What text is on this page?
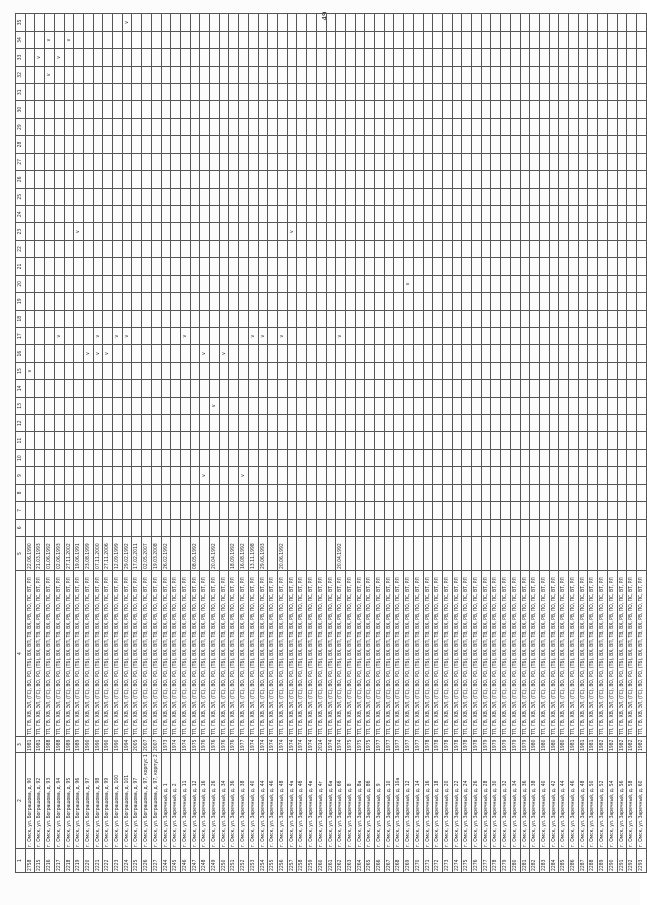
49
1	2	3	4	5	6	7	8	9	10	11	12	13	14	15	16	17	18	19	20	21	22	23	24	25	26	27	28	29	30	31	32	33	34	35
2758	г. Омск, ул. Бограшова, д. 90	1981	ТП, ГВ, ХВ, ЭЛ, (ГС), ВО, РО, (ТБ), ВХ, ВП, ТВ, ВХ, РВ, ПО, ПС, ВТ, РЛ	22.06.1990										v																				
2215	г. Омск, ул. Бограшова, д. 92	1981	ТП, ГВ, ХВ, ЭЛ, (ГС), ВО, РО, (ТБ), ВХ, ВП, ТВ, ВХ, РВ, ПО, ПС, ВТ, РЛ	21.03.1993																												v		
2216	г. Омск, ул. Бограшова, д. 93	1988	ТП, ГВ, ХВ, ЭЛ, (ГС), ВО, РО, (ТБ), ВХ, ВП, ТВ, ВХ, РВ, ПО, ПС, ВТ, РЛ	01.06.1992																											v		v	
2217	г. Омск, ул. Бограшова, д. 94	1988	ТП, ГВ, ХВ, ЭЛ, (ГС), ВО, РО, (ТБ), ВХ, ВП, ТВ, ВХ, РВ, ПО, ПС, ВТ, РЛ	02.06.1993												v																v		
2218	г. Омск, ул. Бограшова, д. 95	1989	ТП, ГВ, ХВ, ЭЛ, (ГС), ВО, РО, (ТБ), ВХ, ВП, ТВ, ВХ, РВ, ПО, ПС, ВТ, РЛ	27.11.2002																													v	
2219	г. Омск, ул. Бограшова, д. 96	1989	ТП, ГВ, ХВ, ЭЛ, (ГС), ВО, РО, (ТБ), ВХ, ВП, ТВ, ВХ, РВ, ПО, ПС, ВТ, РЛ	19.06.1991																		v												
2220	г. Омск, ул. Бограшова, д. 97	1990	ТП, ГВ, ХВ, ЭЛ, (ГС), ВО, РО, (ТБ), ВХ, ВП, ТВ, ВХ, РВ, ПО, ПС, ВТ, РЛ	23.08.1999											v																			
2221	г. Омск, ул. Бограшова, д. 98	1990	ТП, ГВ, ХВ, ЭЛ, (ГС), ВО, РО, (ТБ), ВХ, ВП, ТВ, ВХ, РВ, ПО, ПС, ВТ, РЛ	07.11.2000											v	v																		
2222	г. Омск, ул. Бограшова, д. 99	1990	ТП, ГВ, ХВ, ЭЛ, (ГС), ВО, РО, (ТБ), ВХ, ВП, ТВ, ВХ, РВ, ПО, ПС, ВТ, РЛ	27.11.2006											v																			
2223	г. Омск, ул. Бограшова, д. 100	1990	ТП, ГВ, ХВ, ЭЛ, (ГС), ВО, РО, (ТБ), ВХ, ВП, ТВ, ВХ, РВ, ПО, ПС, ВТ, РЛ	12.09.1999												v																		
2224	г. Омск, ул. Бограшова, д. 101	1994	ТП, ГВ, ХВ, ЭЛ, (ГС), ВО, РО, (ТБ), ВХ, ВП, ТВ, ВХ, РВ, ПО, ПС, ВТ, РЛ	29.02.1992												v																		v
2225	г. Омск, ул. Бограшова, д. 97	2005	ТП, ГВ, ХВ, ЭЛ, (ГС), ВО, РО, (ТБ), ВХ, ВП, ТВ, ВХ, РВ, ПО, ПС, ВТ, РЛ	17.02.2011																														
2226	г. Омск, ул. Бограшова, д. 97, корпус 1	2007	ТП, ГВ, ХВ, ЭЛ, (ГС), ВО, РО, (ТБ), ВХ, ВП, ТВ, ВХ, РВ, ПО, ПС, ВТ, РЛ	02.05.2007																														
2227	г. Омск, ул. Бограшова, д. 97, корпус 2	2007	ТП, ГВ, ХВ, ЭЛ, (ГС), ВО, РО, (ТБ), ВХ, ВП, ТВ, ВХ, РВ, ПО, ПС, ВТ, РЛ	19.03.2008																														
2244	г. Омск, ул. Заречный, д. 1	1973	ТП, ГВ, ХВ, ЭЛ, (ГС), ВО, РО, (ТБ), ВХ, ВП, ТВ, ВХ, РВ, ПО, ПС, ВТ, РЛ	26.02.1992																														
2245	г. Омск, ул. Заречный, д. 2	1974	ТП, ГВ, ХВ, ЭЛ, (ГС), ВО, РО, (ТБ), ВХ, ВП, ТВ, ВХ, РВ, ПО, ПС, ВТ, РЛ																															
2246	г. Омск, ул. Заречный, д. 11	1974	ТП, ГВ, ХВ, ЭЛ, (ГС), ВО, РО, (ТБ), ВХ, ВП, ТВ, ВХ, РВ, ПО, ПС, ВТ, РЛ													v																		
2247	г. Омск, ул. Заречный, д. 12	1975	ТП, ГВ, ХВ, ЭЛ, (ГС), ВО, РО, (ТБ), ВХ, ВП, ТВ, ВХ, РВ, ПО, ПС, ВТ, РЛ	08.05.1992																														
2248	г. Омск, ул. Заречный, д. 16	1976	ТП, ГВ, ХВ, ЭЛ, (ГС), ВО, РО, (ТБ), ВХ, ВП, ТВ, ВХ, РВ, ПО, ПС, ВТ, РЛ					v							v																			
2249	г. Омск, ул. Заречный, д. 26	1976	ТП, ГВ, ХВ, ЭЛ, (ГС), ВО, РО, (ТБ), ВХ, ВП, ТВ, ВХ, РВ, ПО, ПС, ВТ, РЛ	20.04.1992								v																						
2250	г. Омск, ул. Заречный, д. 34	1976	ТП, ГВ, ХВ, ЭЛ, (ГС), ВО, РО, (ТБ), ВХ, ВП, ТВ, ВХ, РВ, ПО, ПС, ВТ, РЛ												v																			
2251	г. Омск, ул. Заречный, д. 36	1976	ТП, ГВ, ХВ, ЭЛ, (ГС), ВО, РО, (ТБ), ВХ, ВП, ТВ, ВХ, РВ, ПО, ПС, ВТ, РЛ	18.09.1992																														
2252	г. Омск, ул. Заречный, д. 38	1977	ТП, ГВ, ХВ, ЭЛ, (ГС), ВО, РО, (ТБ), ВХ, ВП, ТВ, ВХ, РВ, ПО, ПС, ВТ, РЛ	16.08.1992				v																										
2253	г. Омск, ул. Заречный, д. 40	1974	ТП, ГВ, ХВ, ЭЛ, (ГС), ВО, РО, (ТБ), ВХ, ВП, ТВ, ВХ, РВ, ПО, ПС, ВТ, РЛ	13.11.1998												v																		
2254	г. Омск, ул. Заречный, д. 44	1974	ТП, ГВ, ХВ, ЭЛ, (ГС), ВО, РО, (ТБ), ВХ, ВП, ТВ, ВХ, РВ, ПО, ПС, ВТ, РЛ	29.06.1993												v																		
2255	г. Омск, ул. Заречный, д. 46	1974	ТП, ГВ, ХВ, ЭЛ, (ГС), ВО, РО, (ТБ), ВХ, ВП, ТВ, ВХ, РВ, ПО, ПС, ВТ, РЛ																															
2256	г. Омск, ул. Заречный, д. 48	1974	ТП, ГВ, ХВ, ЭЛ, (ГС), ВО, РО, (ТБ), ВХ, ВП, ТВ, ВХ, РВ, ПО, ПС, ВТ, РЛ	20.06.1992												v																		
2257	г. Омск, ул. Заречный, д. 4а	1974	ТП, ГВ, ХВ, ЭЛ, (ГС), ВО, РО, (ТБ), ВХ, ВП, ТВ, ВХ, РВ, ПО, ПС, ВТ, РЛ																			v												
2258	г. Омск, ул. Заречный, д. 4б	1974	ТП, ГВ, ХВ, ЭЛ, (ГС), ВО, РО, (ТБ), ВХ, ВП, ТВ, ВХ, РВ, ПО, ПС, ВТ, РЛ																															
2259	г. Омск, ул. Заречный, д. 4в	1974	ТП, ГВ, ХВ, ЭЛ, (ГС), ВО, РО, (ТБ), ВХ, ВП, ТВ, ВХ, РВ, ПО, ПС, ВТ, РЛ																															
2260	г. Омск, ул. Заречный, д. 4г	2014	ТП, ГВ, ХВ, ЭЛ, (ГС), ВО, РО, (ТБ), ВХ, ВП, ТВ, ВХ, РВ, ПО, ПС, ВТ, РЛ																															
2261	г. Омск, ул. Заречный, д. 6а	1974	ТП, ГВ, ХВ, ЭЛ, (ГС), ВО, РО, (ТБ), ВХ, ВП, ТВ, ВХ, РВ, ПО, ПС, ВТ, РЛ																															
2262	г. Омск, ул. Заречный, д. 6б	1974	ТП, ГВ, ХВ, ЭЛ, (ГС), ВО, РО, (ТБ), ВХ, ВП, ТВ, ВХ, РВ, ПО, ПС, ВТ, РЛ	20.04.1992												v																		
2263	г. Омск, ул. Заречный, д. 8	1975	ТП, ГВ, ХВ, ЭЛ, (ГС), ВО, РО, (ТБ), ВХ, ВП, ТВ, ВХ, РВ, ПО, ПС, ВТ, РЛ																															
2264	г. Омск, ул. Заречный, д. 8а	1975	ТП, ГВ, ХВ, ЭЛ, (ГС), ВО, РО, (ТБ), ВХ, ВП, ТВ, ВХ, РВ, ПО, ПС, ВТ, РЛ																															
2265	г. Омск, ул. Заречный, д. 8б	1975	ТП, ГВ, ХВ, ЭЛ, (ГС), ВО, РО, (ТБ), ВХ, ВП, ТВ, ВХ, РВ, ПО, ПС, ВТ, РЛ																															
2266	г. Омск, ул. Заречный, д. 9	1977	ТП, ГВ, ХВ, ЭЛ, (ГС), ВО, РО, (ТБ), ВХ, ВП, ТВ, ВХ, РВ, ПО, ПС, ВТ, РЛ																															
2267	г. Омск, ул. Заречный, д. 10	1977	ТП, ГВ, ХВ, ЭЛ, (ГС), ВО, РО, (ТБ), ВХ, ВП, ТВ, ВХ, РВ, ПО, ПС, ВТ, РЛ																															
2268	г. Омск, ул. Заречный, д. 10а	1977	ТП, ГВ, ХВ, ЭЛ, (ГС), ВО, РО, (ТБ), ВХ, ВП, ТВ, ВХ, РВ, ПО, ПС, ВТ, РЛ																															
2269	г. Омск, ул. Заречный, д. 12	1977	ТП, ГВ, ХВ, ЭЛ, (ГС), ВО, РО, (ТБ), ВХ, ВП, ТВ, ВХ, РВ, ПО, ПС, ВТ, РЛ																v															
2270	г. Омск, ул. Заречный, д. 14	1977	ТП, ГВ, ХВ, ЭЛ, (ГС), ВО, РО, (ТБ), ВХ, ВП, ТВ, ВХ, РВ, ПО, ПС, ВТ, РЛ																															
2271	г. Омск, ул. Заречный, д. 16	1978	ТП, ГВ, ХВ, ЭЛ, (ГС), ВО, РО, (ТБ), ВХ, ВП, ТВ, ВХ, РВ, ПО, ПС, ВТ, РЛ																															
2272	г. Омск, ул. Заречный, д. 18	1978	ТП, ГВ, ХВ, ЭЛ, (ГС), ВО, РО, (ТБ), ВХ, ВП, ТВ, ВХ, РВ, ПО, ПС, ВТ, РЛ																															
2273	г. Омск, ул. Заречный, д. 20	1978	ТП, ГВ, ХВ, ЭЛ, (ГС), ВО, РО, (ТБ), ВХ, ВП, ТВ, ВХ, РВ, ПО, ПС, ВТ, РЛ																															
2274	г. Омск, ул. Заречный, д. 22	1978	ТП, ГВ, ХВ, ЭЛ, (ГС), ВО, РО, (ТБ), ВХ, ВП, ТВ, ВХ, РВ, ПО, ПС, ВТ, РЛ																															
2275	г. Омск, ул. Заречный, д. 24	1978	ТП, ГВ, ХВ, ЭЛ, (ГС), ВО, РО, (ТБ), ВХ, ВП, ТВ, ВХ, РВ, ПО, ПС, ВТ, РЛ																															
2276	г. Омск, ул. Заречный, д. 26	1978	ТП, ГВ, ХВ, ЭЛ, (ГС), ВО, РО, (ТБ), ВХ, ВП, ТВ, ВХ, РВ, ПО, ПС, ВТ, РЛ																															
2277	г. Омск, ул. Заречный, д. 28	1979	ТП, ГВ, ХВ, ЭЛ, (ГС), ВО, РО, (ТБ), ВХ, ВП, ТВ, ВХ, РВ, ПО, ПС, ВТ, РЛ																															
2278	г. Омск, ул. Заречный, д. 30	1979	ТП, ГВ, ХВ, ЭЛ, (ГС), ВО, РО, (ТБ), ВХ, ВП, ТВ, ВХ, РВ, ПО, ПС, ВТ, РЛ																															
2279	г. Омск, ул. Заречный, д. 32	1979	ТП, ГВ, ХВ, ЭЛ, (ГС), ВО, РО, (ТБ), ВХ, ВП, ТВ, ВХ, РВ, ПО, ПС, ВТ, РЛ																															
2280	г. Омск, ул. Заречный, д. 34	1979	ТП, ГВ, ХВ, ЭЛ, (ГС), ВО, РО, (ТБ), ВХ, ВП, ТВ, ВХ, РВ, ПО, ПС, ВТ, РЛ																															
2281	г. Омск, ул. Заречный, д. 36	1979	ТП, ГВ, ХВ, ЭЛ, (ГС), ВО, РО, (ТБ), ВХ, ВП, ТВ, ВХ, РВ, ПО, ПС, ВТ, РЛ																															
2282	г. Омск, ул. Заречный, д. 38	1980	ТП, ГВ, ХВ, ЭЛ, (ГС), ВО, РО, (ТБ), ВХ, ВП, ТВ, ВХ, РВ, ПО, ПС, ВТ, РЛ																															
2283	г. Омск, ул. Заречный, д. 40	1980	ТП, ГВ, ХВ, ЭЛ, (ГС), ВО, РО, (ТБ), ВХ, ВП, ТВ, ВХ, РВ, ПО, ПС, ВТ, РЛ																															
2284	г. Омск, ул. Заречный, д. 42	1980	ТП, ГВ, ХВ, ЭЛ, (ГС), ВО, РО, (ТБ), ВХ, ВП, ТВ, ВХ, РВ, ПО, ПС, ВТ, РЛ																															
2285	г. Омск, ул. Заречный, д. 44	1980	ТП, ГВ, ХВ, ЭЛ, (ГС), ВО, РО, (ТБ), ВХ, ВП, ТВ, ВХ, РВ, ПО, ПС, ВТ, РЛ																															
2286	г. Омск, ул. Заречный, д. 46	1981	ТП, ГВ, ХВ, ЭЛ, (ГС), ВО, РО, (ТБ), ВХ, ВП, ТВ, ВХ, РВ, ПО, ПС, ВТ, РЛ																															
2287	г. Омск, ул. Заречный, д. 48	1981	ТП, ГВ, ХВ, ЭЛ, (ГС), ВО, РО, (ТБ), ВХ, ВП, ТВ, ВХ, РВ, ПО, ПС, ВТ, РЛ																															
2288	г. Омск, ул. Заречный, д. 50	1981	ТП, ГВ, ХВ, ЭЛ, (ГС), ВО, РО, (ТБ), ВХ, ВП, ТВ, ВХ, РВ, ПО, ПС, ВТ, РЛ																															
2289	г. Омск, ул. Заречный, д. 52	1982	ТП, ГВ, ХВ, ЭЛ, (ГС), ВО, РО, (ТБ), ВХ, ВП, ТВ, ВХ, РВ, ПО, ПС, ВТ, РЛ																															
2290	г. Омск, ул. Заречный, д. 54	1982	ТП, ГВ, ХВ, ЭЛ, (ГС), ВО, РО, (ТБ), ВХ, ВП, ТВ, ВХ, РВ, ПО, ПС, ВТ, РЛ																															
2291	г. Омск, ул. Заречный, д. 56	1982	ТП, ГВ, ХВ, ЭЛ, (ГС), ВО, РО, (ТБ), ВХ, ВП, ТВ, ВХ, РВ, ПО, ПС, ВТ, РЛ																															
2292	г. Омск, ул. Заречный, д. 58	1982	ТП, ГВ, ХВ, ЭЛ, (ГС), ВО, РО, (ТБ), ВХ, ВП, ТВ, ВХ, РВ, ПО, ПС, ВТ, РЛ																															
2293	г. Омск, ул. Заречный, д. 60	1982	ТП, ГВ, ХВ, ЭЛ, (ГС), ВО, РО, (ТБ), ВХ, ВП, ТВ, ВХ, РВ, ПО, ПС, ВТ, РЛ																															
